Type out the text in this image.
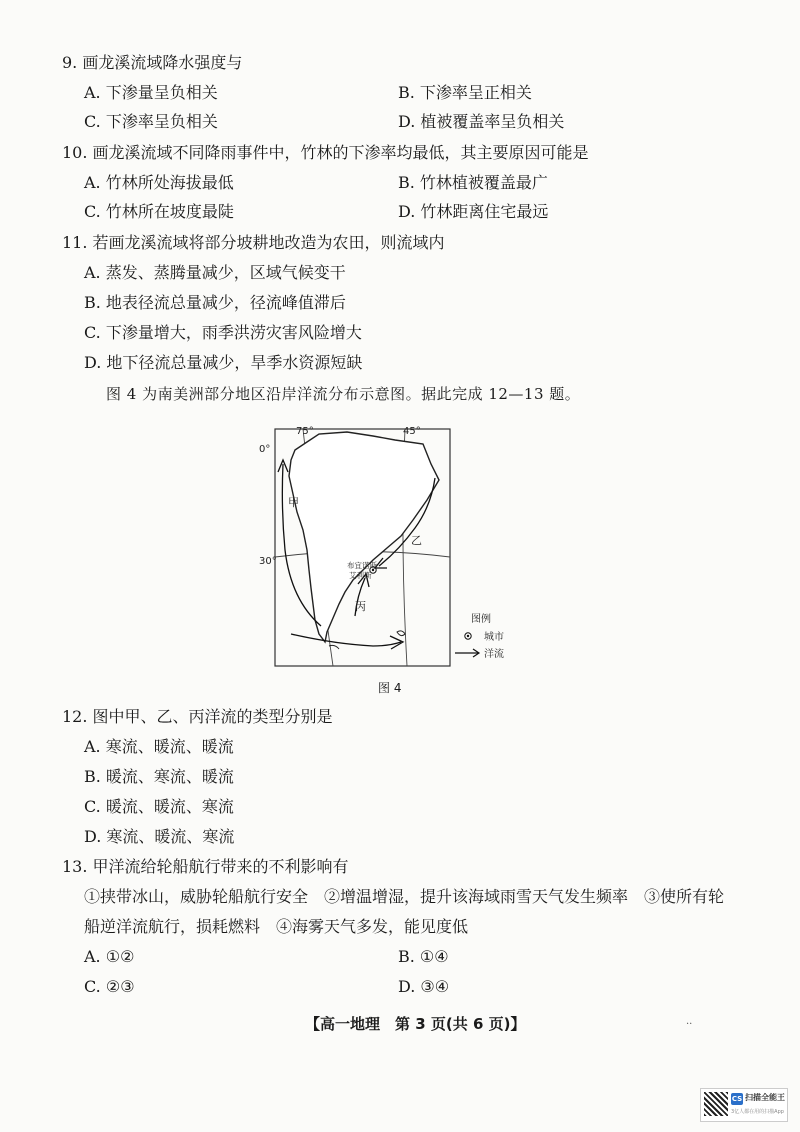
9. 画龙溪流域降水强度与
A. 下渗量呈负相关	B. 下渗率呈正相关
C. 下渗率呈负相关	D. 植被覆盖率呈负相关
10. 画龙溪流域不同降雨事件中，竹林的下渗率均最低，其主要原因可能是
A. 竹林所处海拔最低	B. 竹林植被覆盖最广
C. 竹林所在坡度最陡	D. 竹林距离住宅最远
11. 若画龙溪流域将部分坡耕地改造为农田，则流域内
A. 蒸发、蒸腾量减少，区域气候变干
B. 地表径流总量减少，径流峰值滞后
C. 下渗量增大，雨季洪涝灾害风险增大
D. 地下径流总量减少，旱季水资源短缺
图 4 为南美洲部分地区沿岸洋流分布示意图。据此完成 12—13 题。
75°	45°
0°
30°
甲
乙
丙
布宜诺斯
艾利斯
图例
城市
洋流
图 4
12. 图中甲、乙、丙洋流的类型分别是
A. 寒流、暖流、暖流
B. 暖流、寒流、暖流
C. 暖流、暖流、寒流
D. 寒流、暖流、寒流
13. 甲洋流给轮船航行带来的不利影响有
①挟带冰山，威胁轮船航行安全　②增温增湿，提升该海域雨雪天气发生频率　③使所有轮
船逆洋流航行，损耗燃料　④海雾天气多发，能见度低
A. ①②	B. ①④
C. ②③	D. ③④
【高一地理　第 3 页(共 6 页)】	..
CS 扫描全能王
3亿人都在用的扫描App
